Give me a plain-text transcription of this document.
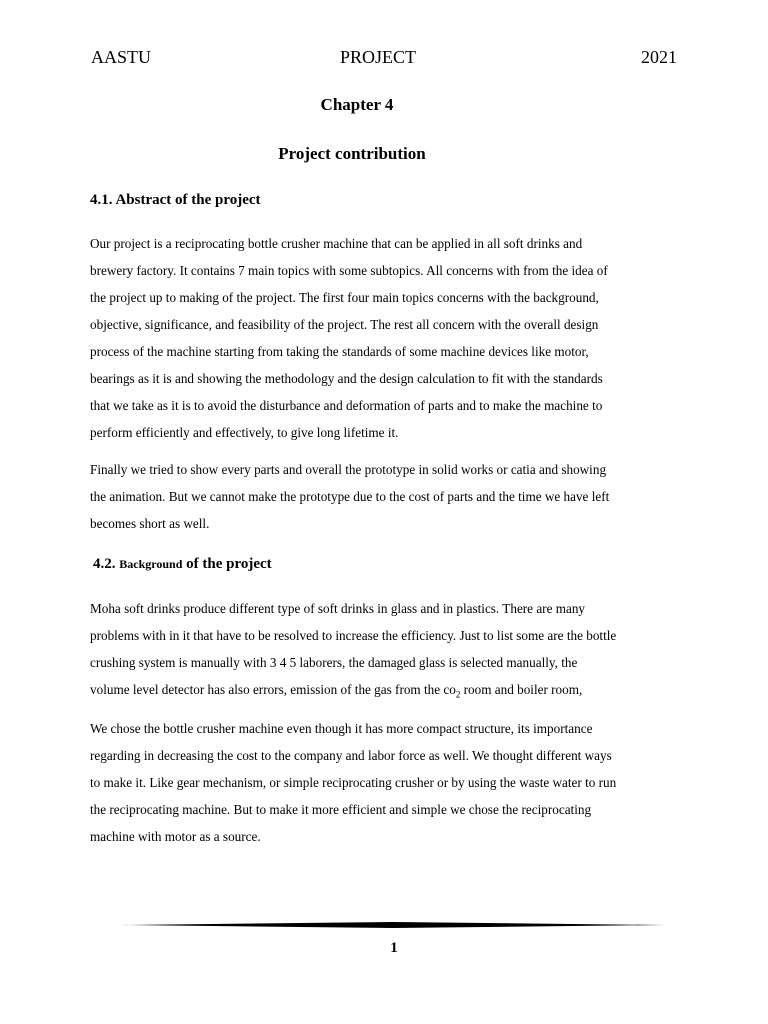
AASTU	PROJECT	2021
Chapter 4
Project contribution
4.1. Abstract of the project
Our project is a reciprocating bottle crusher machine that can be applied in all soft drinks and
brewery factory. It contains 7 main topics with some subtopics. All concerns with from the idea of
the project up to making of the project. The first four main topics concerns with the background,
objective, significance, and feasibility of the project. The rest all concern with the overall design
process of the machine starting from taking the standards of some machine devices like motor,
bearings as it is and showing the methodology and the design calculation to fit with the standards
that we take as it is to avoid the disturbance and deformation of parts and to make the machine to
perform efficiently and effectively, to give long lifetime it.
Finally we tried to show every parts and overall the prototype in solid works or catia and showing
the animation. But we cannot make the prototype due to the cost of parts and the time we have left
becomes short as well.
4.2. Background of the project
Moha soft drinks produce different type of soft drinks in glass and in plastics. There are many
problems with in it that have to be resolved to increase the efficiency. Just to list some are the bottle
crushing system is manually with 3 4 5 laborers, the damaged glass is selected manually, the
volume level detector has also errors, emission of the gas from the $co_2$ room and boiler room,
We chose the bottle crusher machine even though it has more compact structure, its importance
regarding in decreasing the cost to the company and labor force as well. We thought different ways
to make it. Like gear mechanism, or simple reciprocating crusher or by using the waste water to run
the reciprocating machine. But to make it more efficient and simple we chose the reciprocating
machine with motor as a source.
1
